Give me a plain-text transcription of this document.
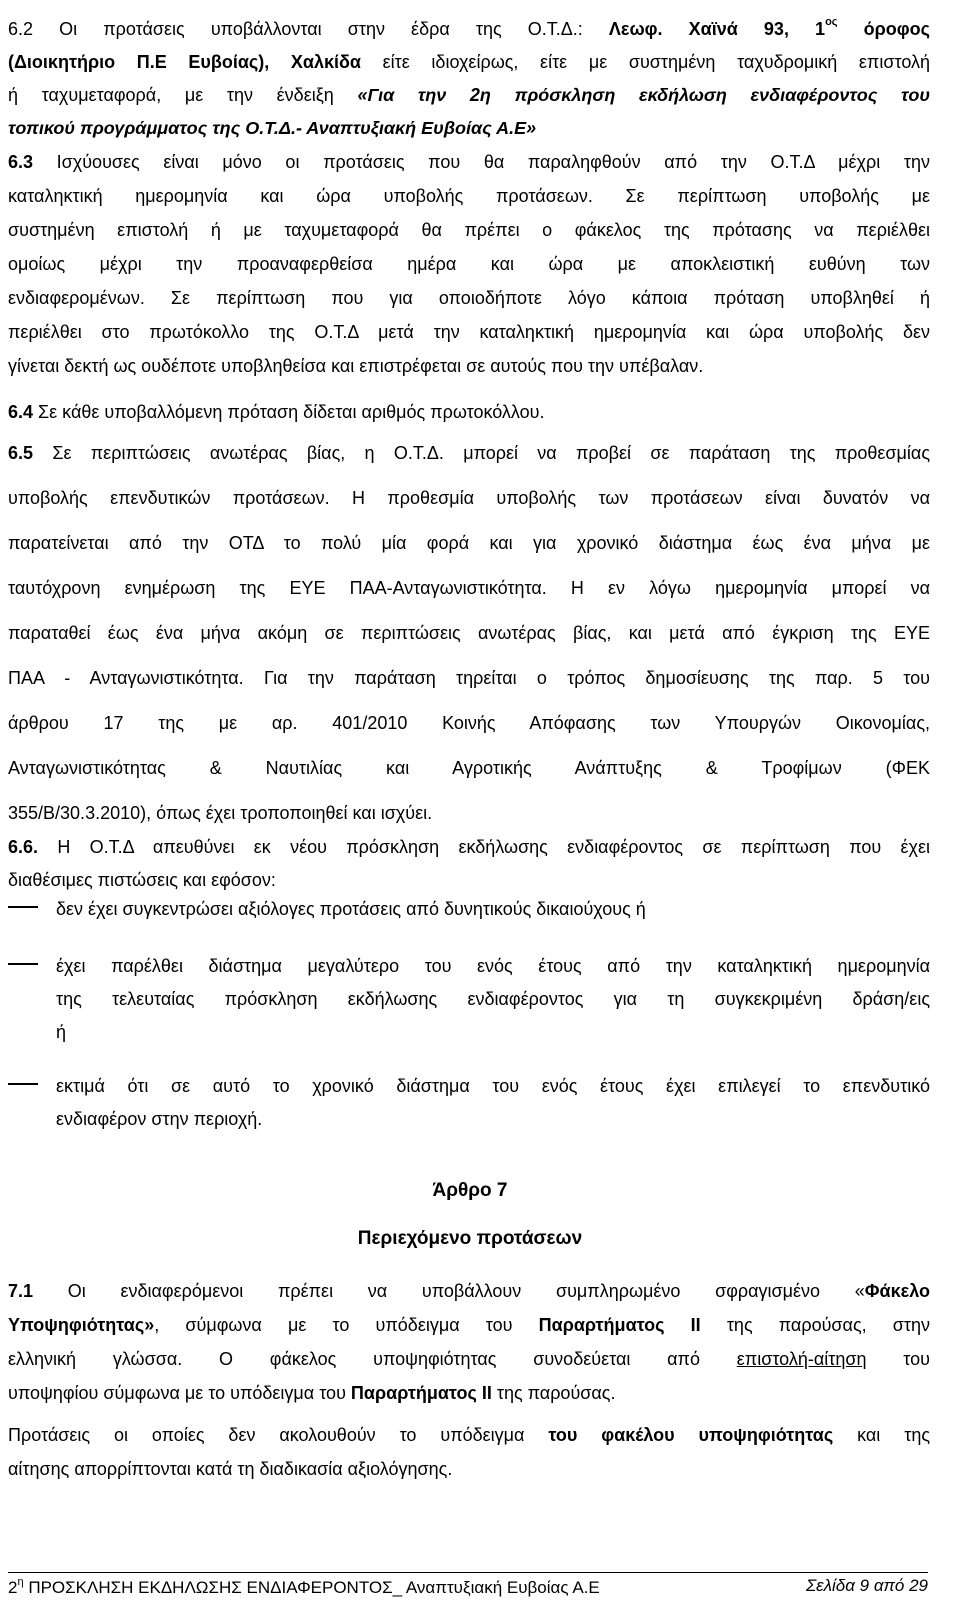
6.2 Οι προτάσεις υποβάλλονται στην έδρα της Ο.Τ.Δ.: Λεωφ. Χαϊνά 93, $1^{o\varsigma}$ όροφος
(Διοικητήριο Π.Ε Ευβοίας), Χαλκίδα είτε ιδιοχείρως, είτε με συστημένη ταχυδρομική επιστολή
ή ταχυμεταφορά, με την ένδειξη «Για την 2η πρόσκληση εκδήλωση ενδιαφέροντος του
τοπικού προγράμματος της Ο.Τ.Δ.- Αναπτυξιακή Ευβοίας Α.Ε»
6.3 Ισχύουσες είναι μόνο οι προτάσεις που θα παραληφθούν από την Ο.Τ.Δ μέχρι την
καταληκτική ημερομηνία και ώρα υποβολής προτάσεων. Σε περίπτωση υποβολής με
συστημένη επιστολή ή με ταχυμεταφορά θα πρέπει ο φάκελος της πρότασης να περιέλθει
ομοίως μέχρι την προαναφερθείσα ημέρα και ώρα με αποκλειστική ευθύνη των
ενδιαφερομένων. Σε περίπτωση που για οποιοδήποτε λόγο κάποια πρόταση υποβληθεί ή
περιέλθει στο πρωτόκολλο της Ο.Τ.Δ μετά την καταληκτική ημερομηνία και ώρα υποβολής δεν
γίνεται δεκτή ως ουδέποτε υποβληθείσα και επιστρέφεται σε αυτούς που την υπέβαλαν.
6.4 Σε κάθε υποβαλλόμενη πρόταση δίδεται αριθμός πρωτοκόλλου.
6.5 Σε περιπτώσεις ανωτέρας βίας, η Ο.Τ.Δ. μπορεί να προβεί σε παράταση της προθεσμίας
υποβολής επενδυτικών προτάσεων. Η προθεσμία υποβολής των προτάσεων είναι δυνατόν να
παρατείνεται από την ΟΤΔ το πολύ μία φορά και για χρονικό διάστημα έως ένα μήνα με
ταυτόχρονη ενημέρωση της ΕΥΕ ΠΑΑ-Ανταγωνιστικότητα. Η εν λόγω ημερομηνία μπορεί να
παραταθεί έως ένα μήνα ακόμη σε περιπτώσεις ανωτέρας βίας, και μετά από έγκριση της ΕΥΕ
ΠΑΑ - Ανταγωνιστικότητα. Για την παράταση τηρείται ο τρόπος δημοσίευσης της παρ. 5 του
άρθρου 17 της με αρ. 401/2010 Κοινής Απόφασης των Υπουργών Οικονομίας,
Ανταγωνιστικότητας & Ναυτιλίας και Αγροτικής Ανάπτυξης & Τροφίμων (ΦΕΚ
355/Β/30.3.2010), όπως έχει τροποποιηθεί και ισχύει.
6.6. Η Ο.Τ.Δ απευθύνει εκ νέου πρόσκληση εκδήλωσης ενδιαφέροντος σε περίπτωση που έχει
διαθέσιμες πιστώσεις και εφόσον:
δεν έχει συγκεντρώσει αξιόλογες προτάσεις από δυνητικούς δικαιούχους ή
έχει παρέλθει διάστημα μεγαλύτερο του ενός έτους από την καταληκτική ημερομηνία
της τελευταίας πρόσκληση εκδήλωσης ενδιαφέροντος για τη συγκεκριμένη δράση/εις
ή
εκτιμά ότι σε αυτό το χρονικό διάστημα του ενός έτους έχει επιλεγεί το επενδυτικό
ενδιαφέρον στην περιοχή.
Άρθρο 7
Περιεχόμενο προτάσεων
7.1 Οι ενδιαφερόμενοι πρέπει να υποβάλλουν συμπληρωμένο σφραγισμένο «Φάκελο
Υποψηφιότητας», σύμφωνα με το υπόδειγμα του Παραρτήματος ΙΙ της παρούσας, στην
ελληνική γλώσσα. Ο φάκελος υποψηφιότητας συνοδεύεται από επιστολή-αίτηση του
υποψηφίου σύμφωνα με το υπόδειγμα του Παραρτήματος ΙΙ της παρούσας.
Προτάσεις οι οποίες δεν ακολουθούν το υπόδειγμα του φακέλου υποψηφιότητας και της
αίτησης απορρίπτονται κατά τη διαδικασία αξιολόγησης.
$2^\eta$ ΠΡΟΣΚΛΗΣΗ ΕΚΔΗΛΩΣΗΣ ΕΝΔΙΑΦΕΡΟΝΤΟΣ_ Αναπτυξιακή Ευβοίας Α.Ε	Σελίδα 9 από 29
